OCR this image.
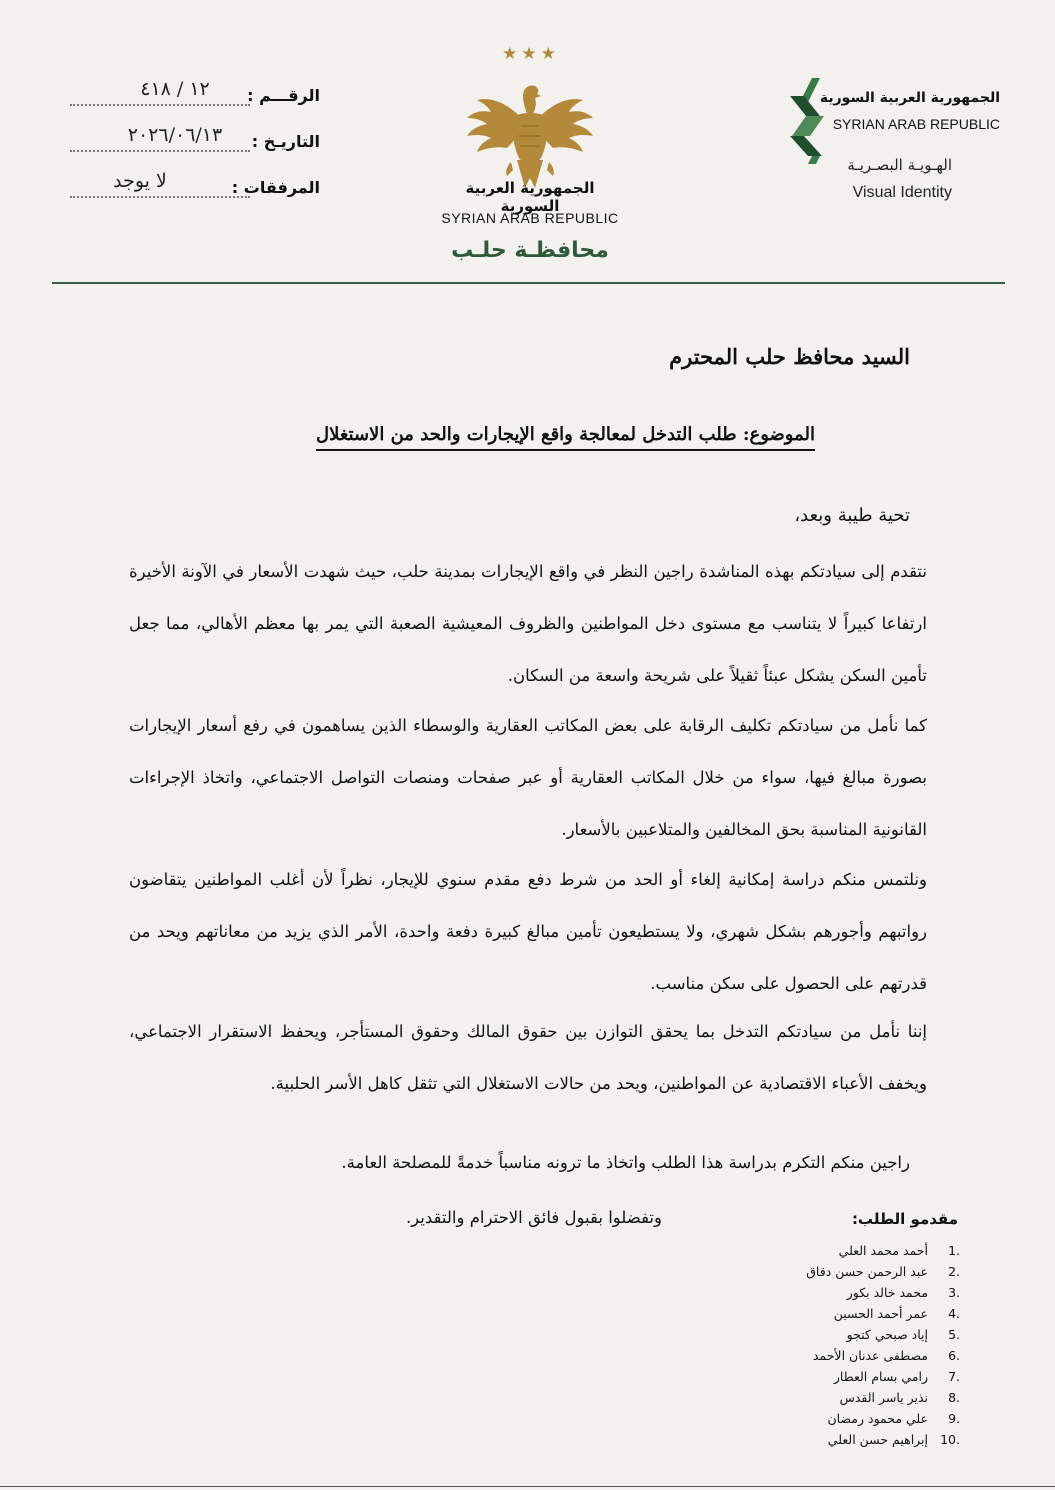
الرقـــم :
١٢ / ٤١٨
التاريـخ :
٢٠٢٦/٠٦/١٣
المرفقات :
لا يوجد
★ ★ ★
الجمهورية العربية السورية
SYRIAN ARAB REPUBLIC
محافظـة حلـب
الجمهورية العربية السورية
SYRIAN ARAB REPUBLIC
الهـويـة البصـريـة
Visual Identity
السيد محافظ حلب المحترم
الموضوع: طلب التدخل لمعالجة واقع الإيجارات والحد من الاستغلال
تحية طيبة وبعد،
نتقدم إلى سيادتكم بهذه المناشدة راجين النظر في واقع الإيجارات بمدينة حلب، حيث شهدت الأسعار في الآونة الأخيرة ارتفاعا كبيراً لا يتناسب مع مستوى دخل المواطنين والظروف المعيشية الصعبة التي يمر بها معظم الأهالي، مما جعل تأمين السكن يشكل عبئاً ثقيلاً على شريحة واسعة من السكان.
كما نأمل من سيادتكم تكليف الرقابة على بعض المكاتب العقارية والوسطاء الذين يساهمون في رفع أسعار الإيجارات بصورة مبالغ فيها، سواء من خلال المكاتب العقارية أو عبر صفحات ومنصات التواصل الاجتماعي، واتخاذ الإجراءات القانونية المناسبة بحق المخالفين والمتلاعبين بالأسعار.
ونلتمس منكم دراسة إمكانية إلغاء أو الحد من شرط دفع مقدم سنوي للإيجار، نظراً لأن أغلب المواطنين يتقاضون رواتبهم وأجورهم بشكل شهري، ولا يستطيعون تأمين مبالغ كبيرة دفعة واحدة، الأمر الذي يزيد من معاناتهم ويحد من قدرتهم على الحصول على سكن مناسب.
إننا نأمل من سيادتكم التدخل بما يحقق التوازن بين حقوق المالك وحقوق المستأجر، ويحفظ الاستقرار الاجتماعي، ويخفف الأعباء الاقتصادية عن المواطنين، ويحد من حالات الاستغلال التي تثقل كاهل الأسر الحلبية.
راجين منكم التكرم بدراسة هذا الطلب واتخاذ ما ترونه مناسباً خدمةً للمصلحة العامة.
وتفضلوا بقبول فائق الاحترام والتقدير.	مقدمو الطلب:
.1 أحمد محمد العلي
.2 عبد الرحمن حسن دقاق
.3 محمد خالد بكور
.4 عمر أحمد الحسين
.5 إياد صبحي كتجو
.6 مصطفى عدنان الأحمد
.7 رامي بسام العطار
.8 نذير ياسر القدس
.9 علي محمود رمضان
.10 إبراهيم حسن العلي
